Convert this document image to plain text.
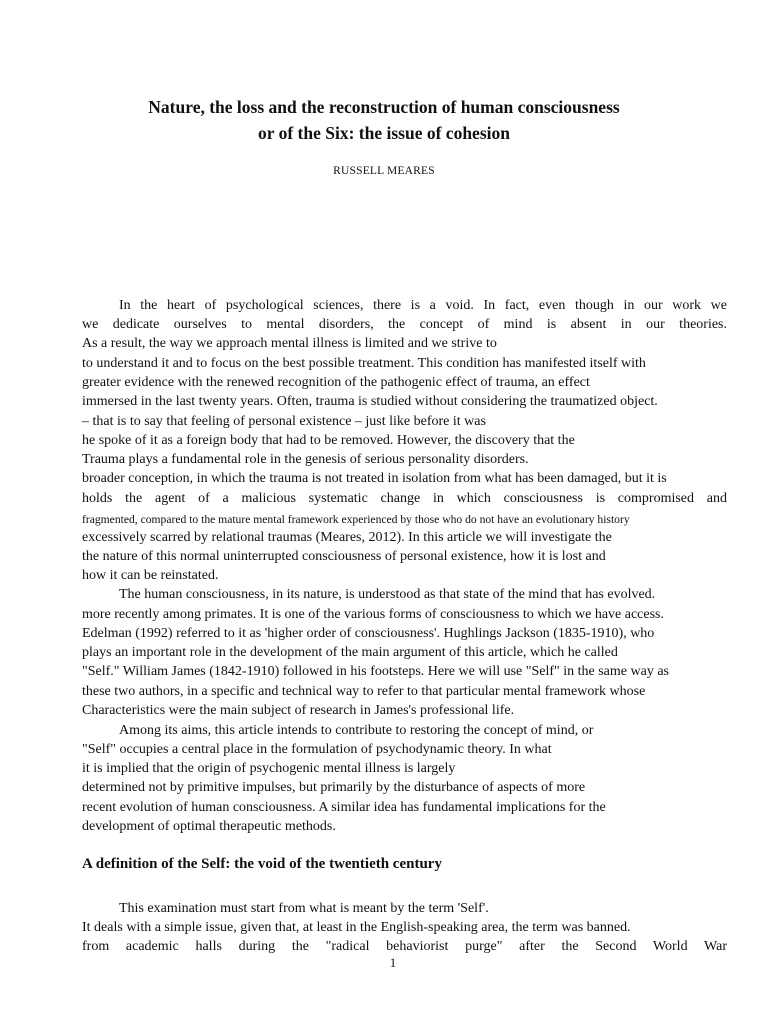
Nature, the loss and the reconstruction of human consciousness
or of the Six: the issue of cohesion
RUSSELL MEARES
In the heart of psychological sciences, there is a void. In fact, even though in our work we
we dedicate ourselves to mental disorders, the concept of mind is absent in our theories.
As a result, the way we approach mental illness is limited and we strive to
to understand it and to focus on the best possible treatment. This condition has manifested itself with
greater evidence with the renewed recognition of the pathogenic effect of trauma, an effect
immersed in the last twenty years. Often, trauma is studied without considering the traumatized object.
– that is to say that feeling of personal existence – just like before it was
he spoke of it as a foreign body that had to be removed. However, the discovery that the
Trauma plays a fundamental role in the genesis of serious personality disorders.
broader conception, in which the trauma is not treated in isolation from what has been damaged, but it is
holds the agent of a malicious systematic change in which consciousness is compromised and
fragmented, compared to the mature mental framework experienced by those who do not have an evolutionary history
excessively scarred by relational traumas (Meares, 2012). In this article we will investigate the
the nature of this normal uninterrupted consciousness of personal existence, how it is lost and
how it can be reinstated.
The human consciousness, in its nature, is understood as that state of the mind that has evolved.
more recently among primates. It is one of the various forms of consciousness to which we have access.
Edelman (1992) referred to it as 'higher order of consciousness'. Hughlings Jackson (1835-1910), who
plays an important role in the development of the main argument of this article, which he called
"Self." William James (1842-1910) followed in his footsteps. Here we will use "Self" in the same way as
these two authors, in a specific and technical way to refer to that particular mental framework whose
Characteristics were the main subject of research in James's professional life.
Among its aims, this article intends to contribute to restoring the concept of mind, or
"Self" occupies a central place in the formulation of psychodynamic theory. In what
it is implied that the origin of psychogenic mental illness is largely
determined not by primitive impulses, but primarily by the disturbance of aspects of more
recent evolution of human consciousness. A similar idea has fundamental implications for the
development of optimal therapeutic methods.
A definition of the Self: the void of the twentieth century
This examination must start from what is meant by the term 'Self'.
It deals with a simple issue, given that, at least in the English-speaking area, the term was banned.
from academic halls during the "radical behaviorist purge" after the Second World War
1
